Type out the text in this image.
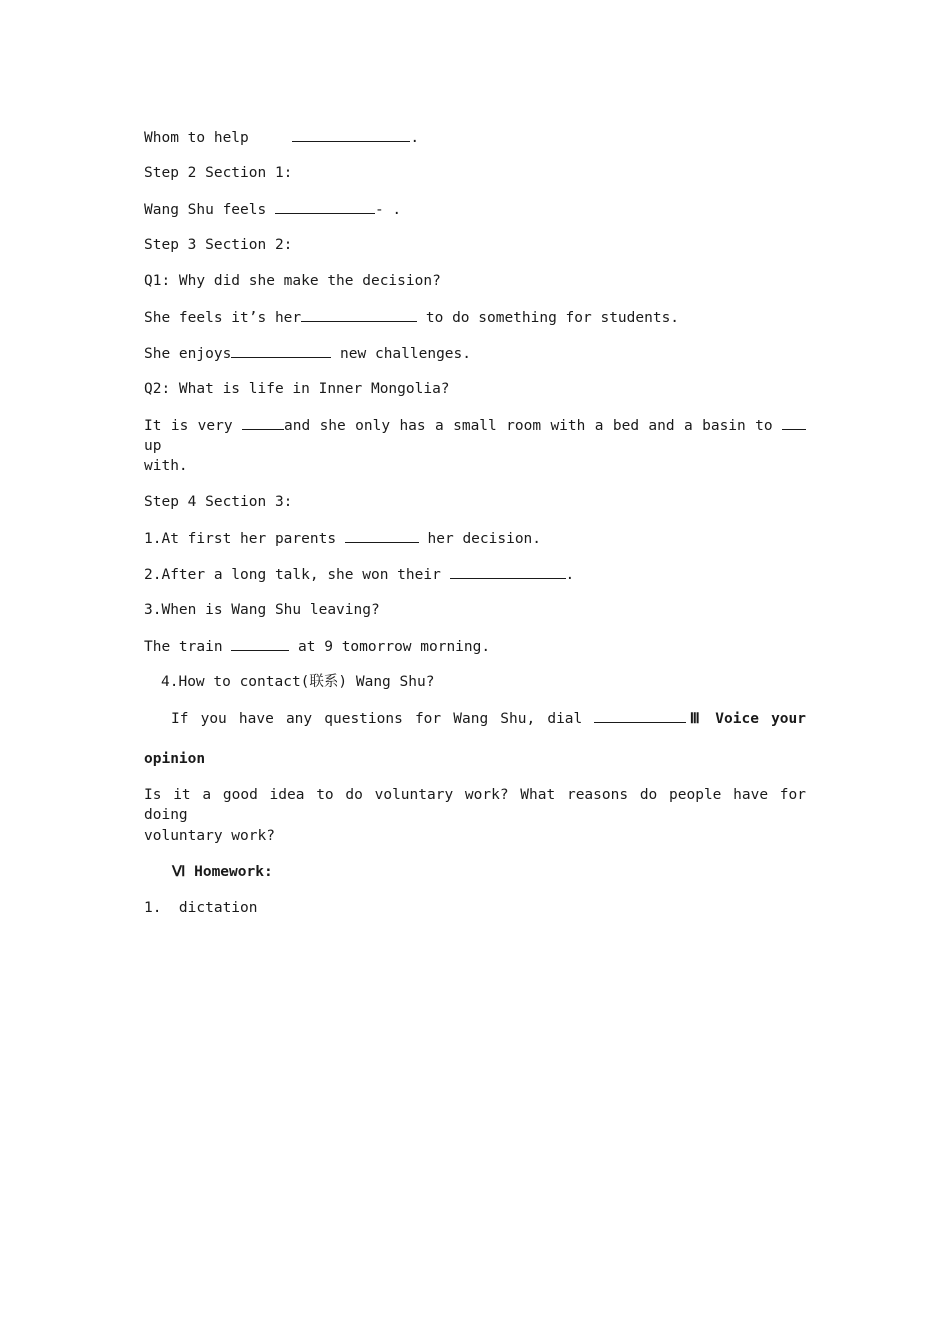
Whom to help	.
Step 2 Section 1:
Wang Shu feels	- .
Step 3 Section 2:
Q1: Why did she make the decision?
She feels it’s her	to do something for students.
She enjoys	new challenges.
Q2: What is life in Inner Mongolia?
It is very	and she only has a small room with a bed and a basin to  up
with.
Step 4 Section 3:
1.At first her parents	her decision.
2.After a long talk, she won their	.
3.When is Wang Shu leaving?
The train	at 9 tomorrow morning.
4.How to contact(联系) Wang Shu?
If you have any questions for Wang Shu, dial	Ⅲ Voice your
opinion
Is it a good idea to do voluntary work? What reasons do people have for doing
voluntary work?
Ⅵ Homework:
1.  dictation
